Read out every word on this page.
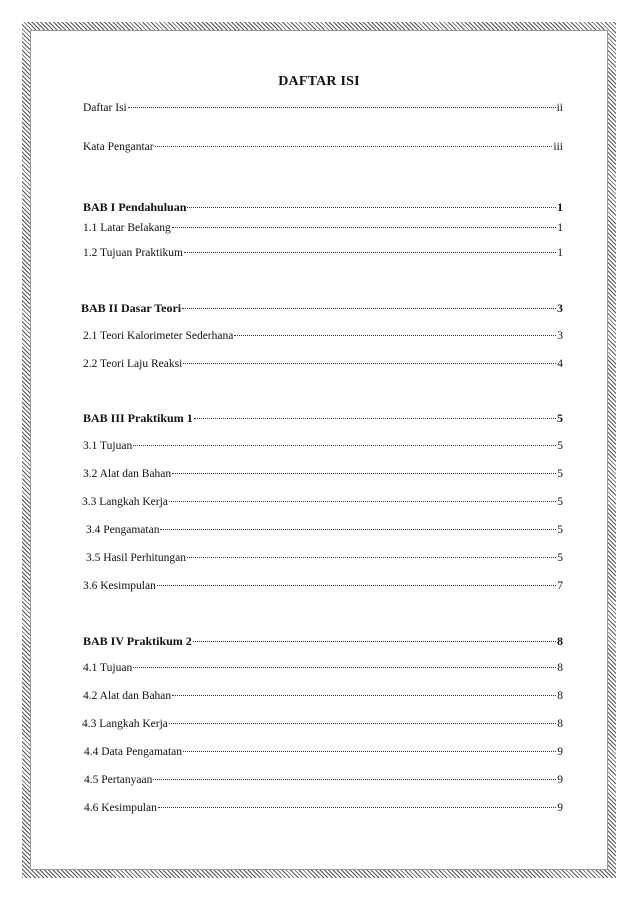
DAFTAR ISI
Daftar Isi	ii
Kata Pengantar	iii
BAB I Pendahuluan	1
1.1 Latar Belakang	1
1.2 Tujuan Praktikum	1
BAB II Dasar Teori	3
2.1 Teori Kalorimeter Sederhana	3
2.2 Teori Laju Reaksi	4
BAB III Praktikum 1	5
3.1 Tujuan	5
3.2 Alat dan Bahan	5
3.3 Langkah Kerja	5
3.4 Pengamatan	5
3.5 Hasil Perhitungan	5
3.6 Kesimpulan	7
BAB IV Praktikum 2	8
4.1 Tujuan	8
4.2 Alat dan Bahan	8
4.3 Langkah Kerja	8
4.4 Data Pengamatan	9
4.5 Pertanyaan	9
4.6 Kesimpulan	9
